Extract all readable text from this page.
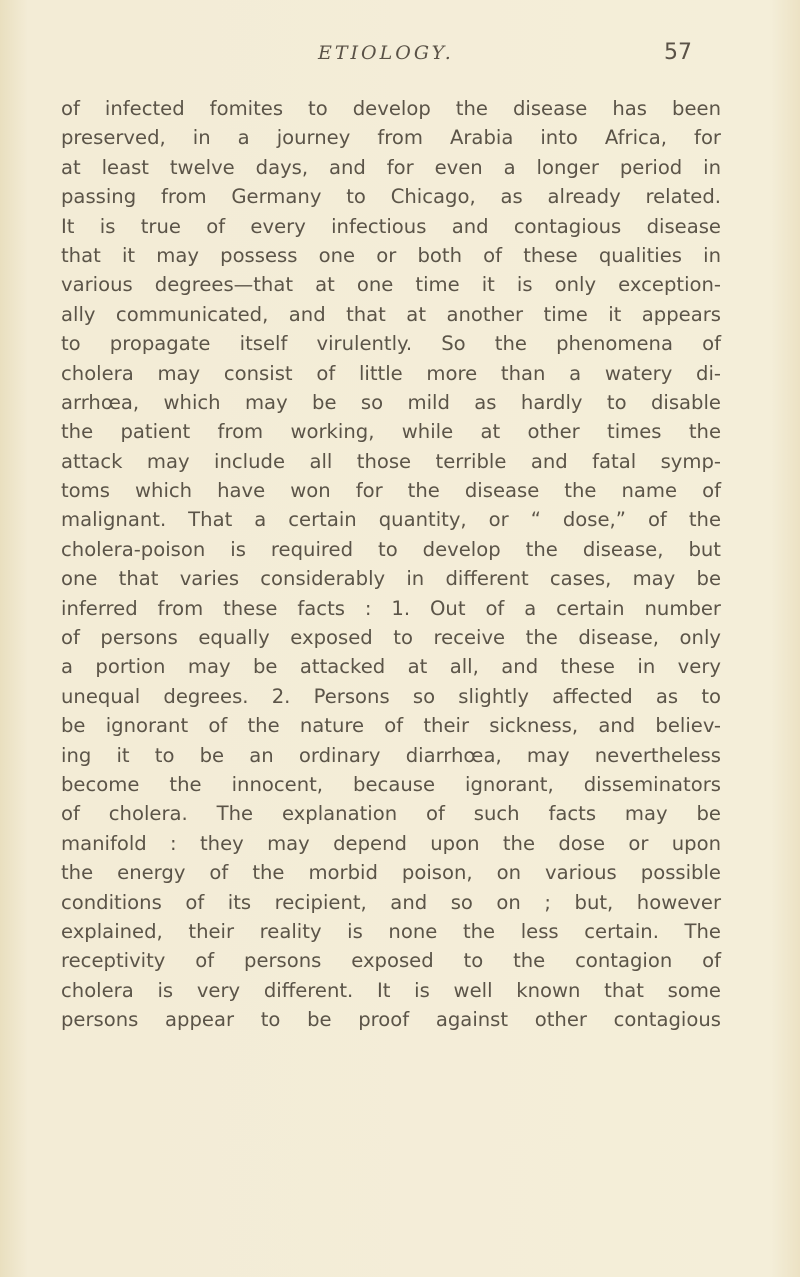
ETIOLOGY.	57
of infected fomites to develop the disease has been
preserved, in a journey from Arabia into Africa, for
at least twelve days, and for even a longer period in
passing from Germany to Chicago, as already related.
It is true of every infectious and contagious disease
that it may possess one or both of these qualities in
various degrees—that at one time it is only exception-
ally communicated, and that at another time it appears
to propagate itself virulently. So the phenomena of
cholera may consist of little more than a watery di-
arrhœa, which may be so mild as hardly to disable
the patient from working, while at other times the
attack may include all those terrible and fatal symp-
toms which have won for the disease the name of
malignant. That a certain quantity, or “ dose,” of the
cholera-poison is required to develop the disease, but
one that varies considerably in different cases, may be
inferred from these facts : 1. Out of a certain number
of persons equally exposed to receive the disease, only
a portion may be attacked at all, and these in very
unequal degrees. 2. Persons so slightly affected as to
be ignorant of the nature of their sickness, and believ-
ing it to be an ordinary diarrhœa, may nevertheless
become the innocent, because ignorant, disseminators
of cholera. The explanation of such facts may be
manifold : they may depend upon the dose or upon
the energy of the morbid poison, on various possible
conditions of its recipient, and so on ; but, however
explained, their reality is none the less certain. The
receptivity of persons exposed to the contagion of
cholera is very different. It is well known that some
persons appear to be proof against other contagious
